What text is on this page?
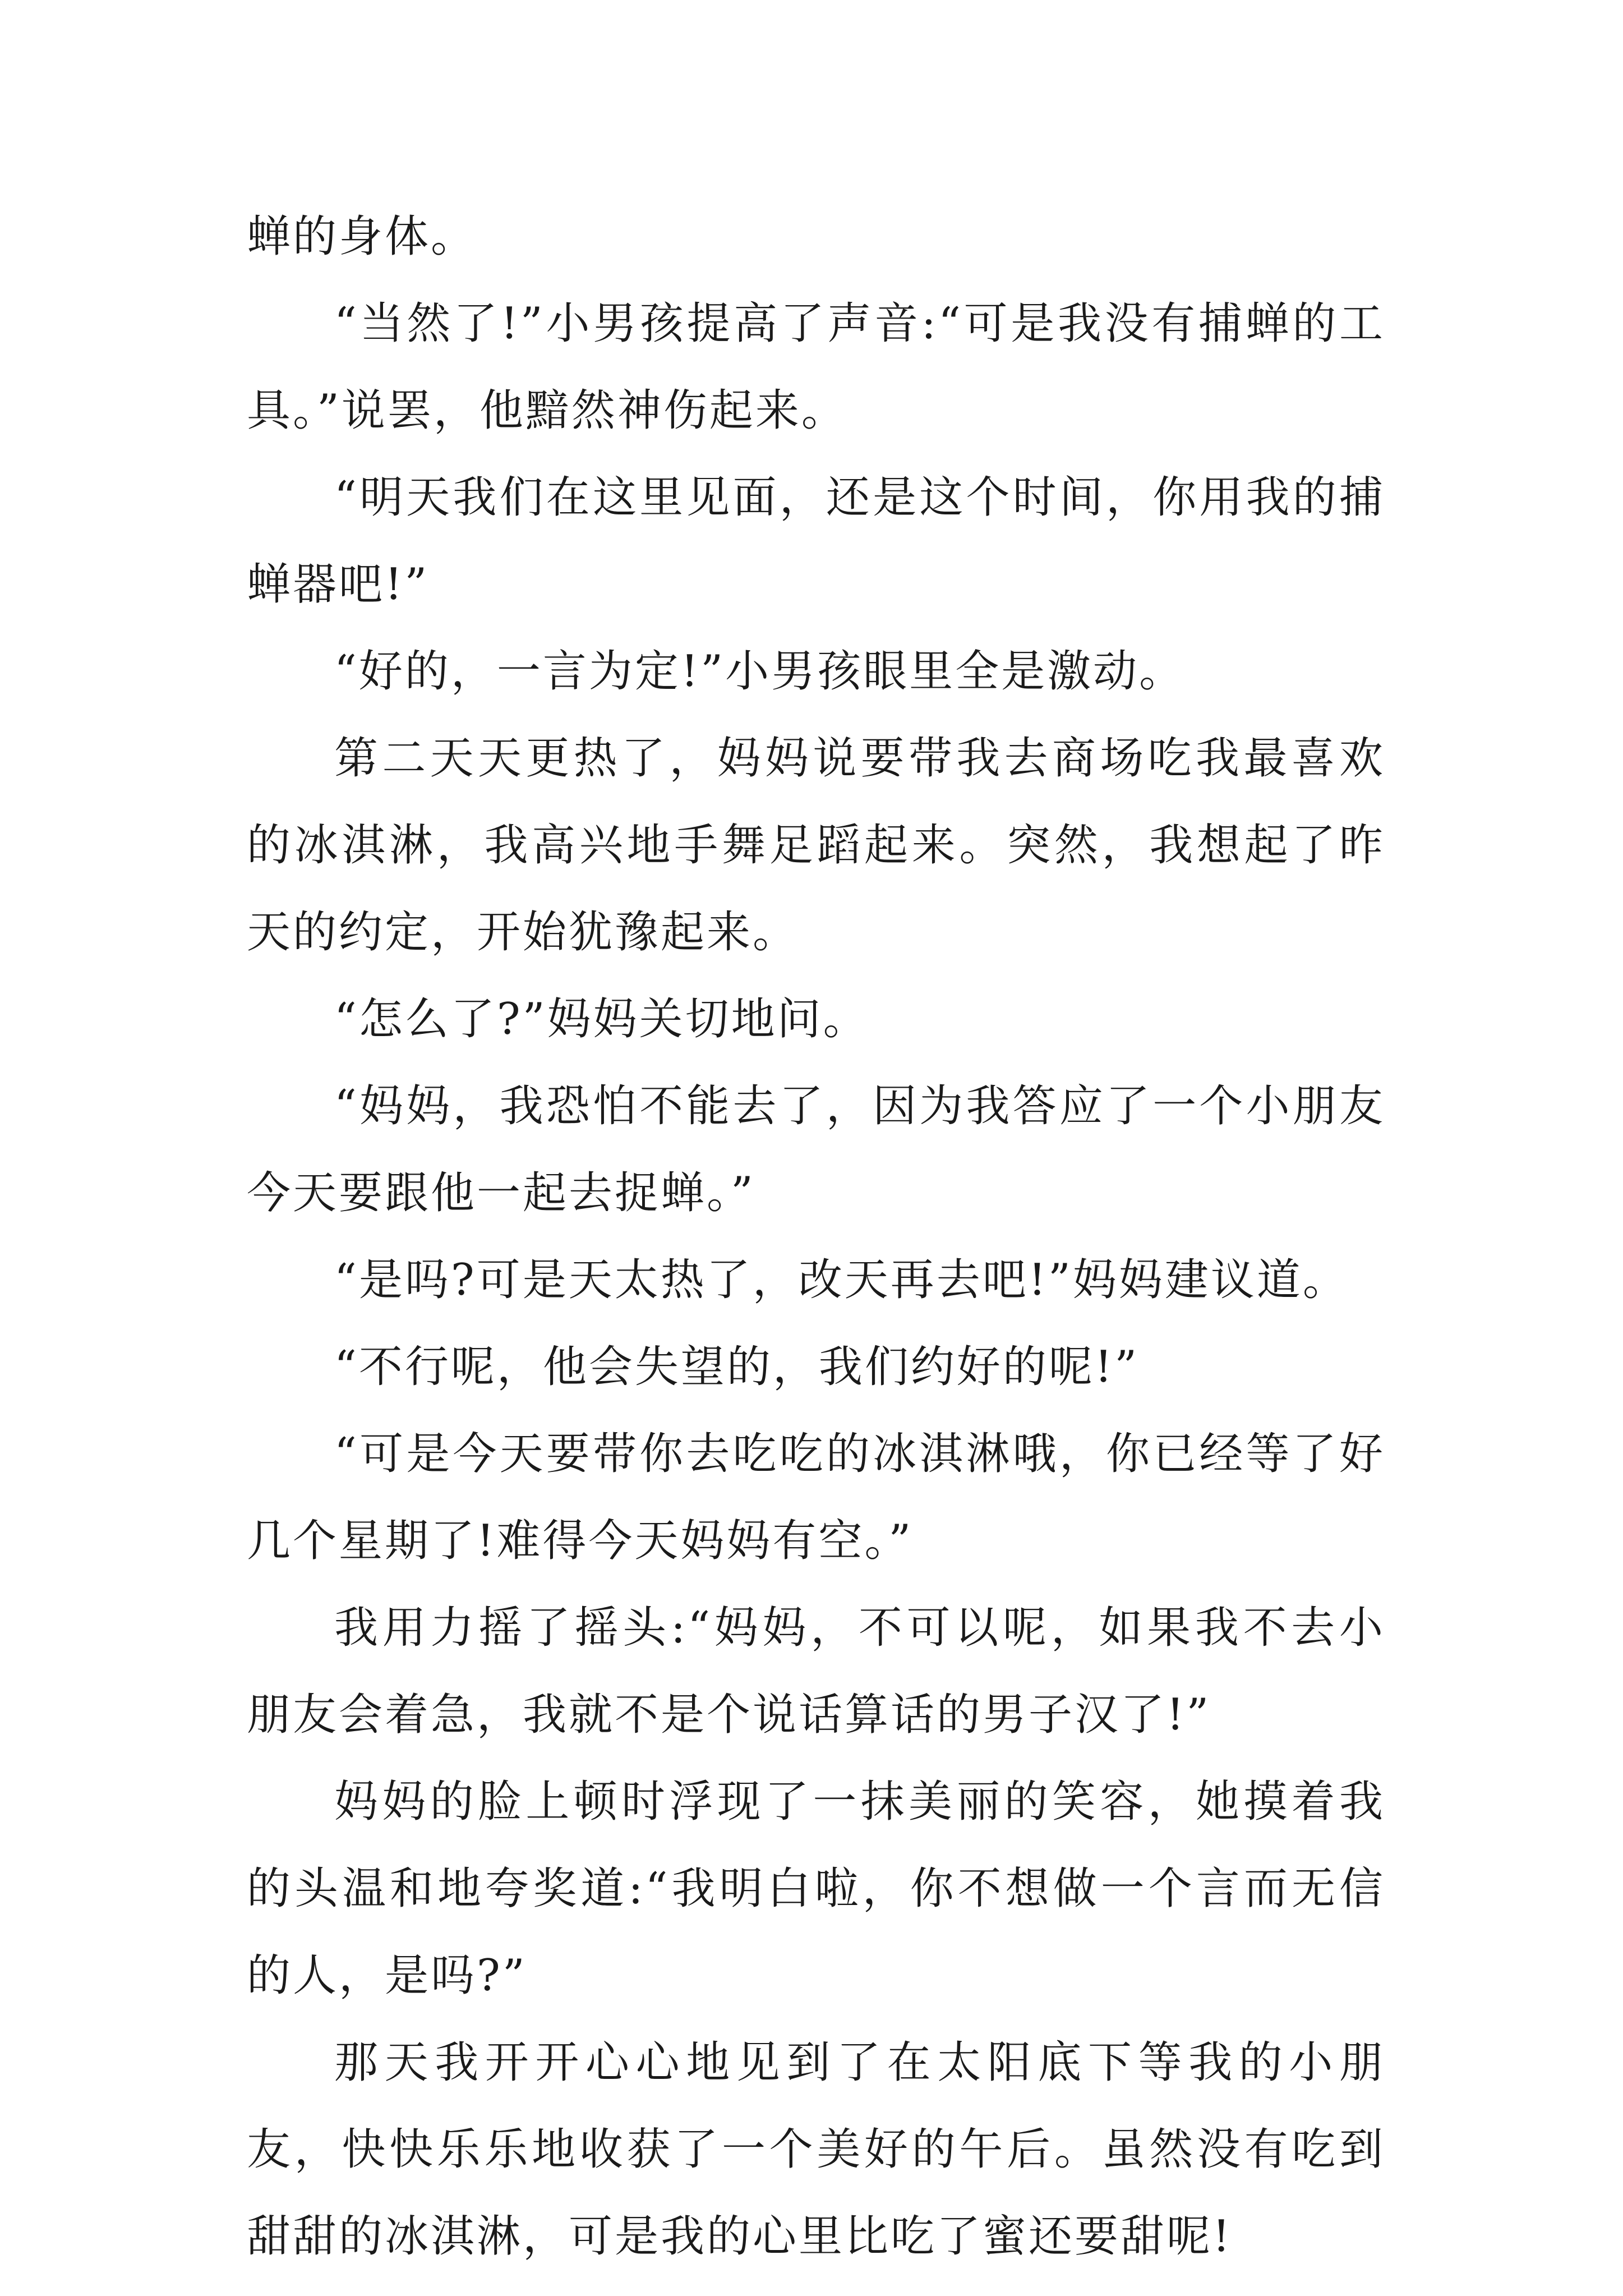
蝉的身体。

“当然了!”小男孩提高了声音:“可是我没有捕蝉的工具。”说罢，他黯然神伤起来。

“明天我们在这里见面，还是这个时间，你用我的捕蝉器吧!”

“好的，一言为定!”小男孩眼里全是激动。

第二天天更热了，妈妈说要带我去商场吃我最喜欢的冰淇淋，我高兴地手舞足蹈起来。突然，我想起了昨天的约定，开始犹豫起来。

“怎么了?”妈妈关切地问。

“妈妈，我恐怕不能去了，因为我答应了一个小朋友今天要跟他一起去捉蝉。”

“是吗?可是天太热了，改天再去吧!”妈妈建议道。

“不行呢，他会失望的，我们约好的呢!”

“可是今天要带你去吃吃的冰淇淋哦，你已经等了好几个星期了!难得今天妈妈有空。”

我用力摇了摇头:“妈妈，不可以呢，如果我不去小朋友会着急，我就不是个说话算话的男子汉了!”

妈妈的脸上顿时浮现了一抹美丽的笑容，她摸着我的头温和地夸奖道:“我明白啦，你不想做一个言而无信的人，是吗?”

那天我开开心心地见到了在太阳底下等我的小朋友，快快乐乐地收获了一个美好的午后。虽然没有吃到甜甜的冰淇淋，可是我的心里比吃了蜜还要甜呢!
